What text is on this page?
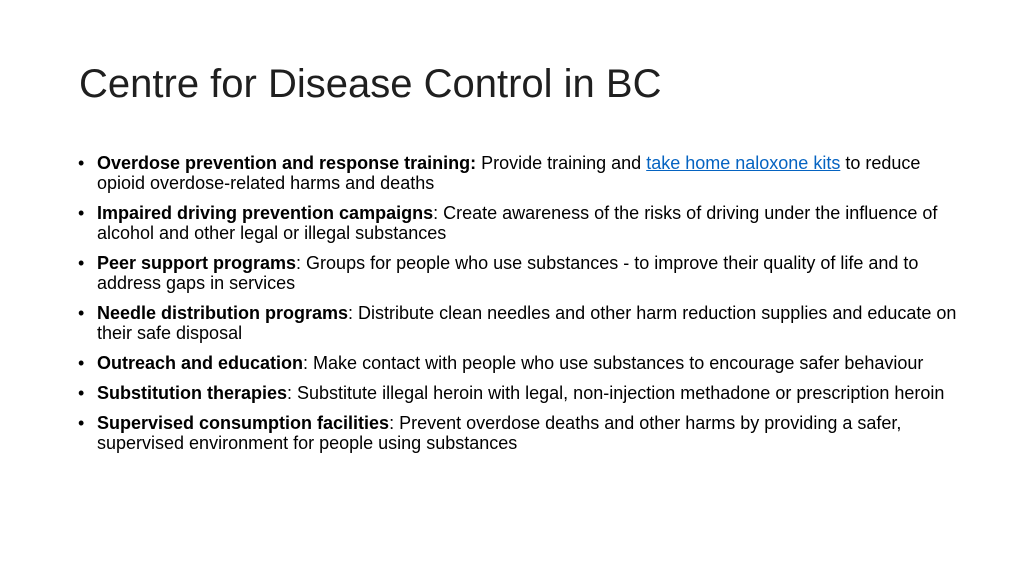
Centre for Disease Control in BC
• Overdose prevention and response training: Provide training and take home naloxone kits to reduce opioid overdose-related harms and deaths
• Impaired driving prevention campaigns: Create awareness of the risks of driving under the influence of alcohol and other legal or illegal substances
• Peer support programs: Groups for people who use substances - to improve their quality of life and to address gaps in services
• Needle distribution programs: Distribute clean needles and other harm reduction supplies and educate on their safe disposal
• Outreach and education: Make contact with people who use substances to encourage safer behaviour
• Substitution therapies: Substitute illegal heroin with legal, non-injection methadone or prescription heroin
• Supervised consumption facilities: Prevent overdose deaths and other harms by providing a safer, supervised environment for people using substances
